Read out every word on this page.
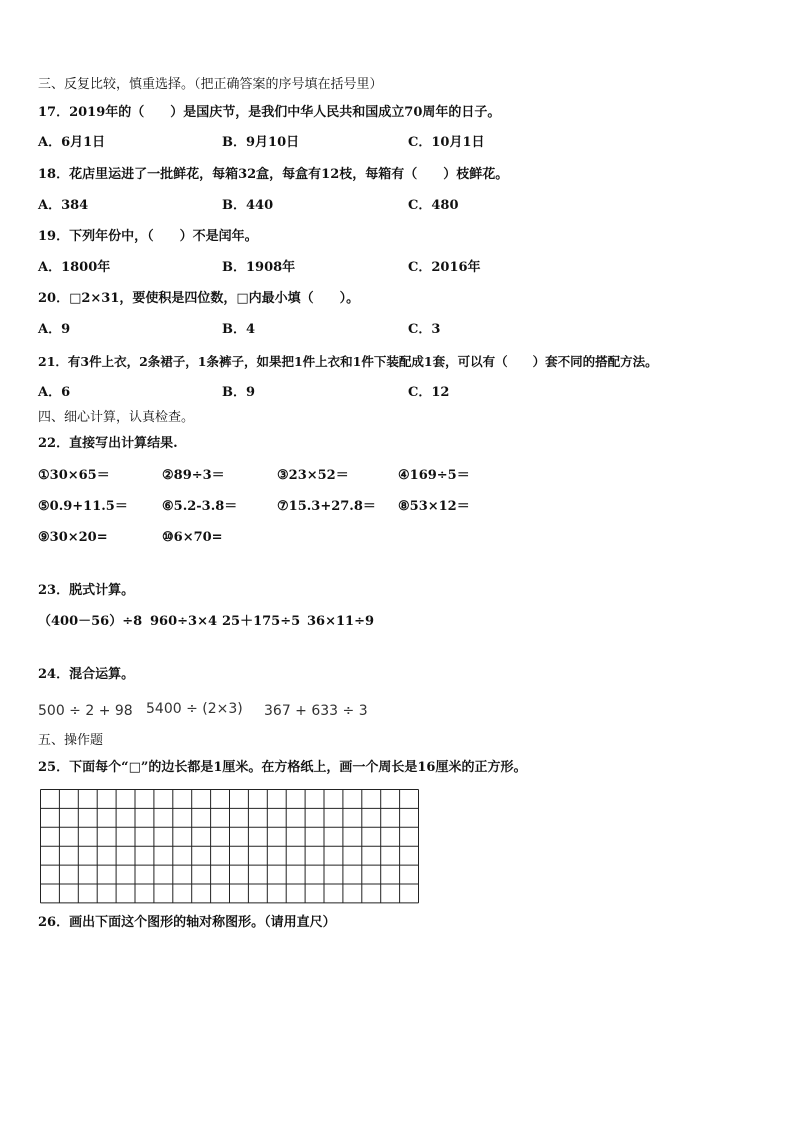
三、反复比较，慎重选择。（把正确答案的序号填在括号里）
17．2019年的（　　）是国庆节，是我们中华人民共和国成立70周年的日子。
A．6月1日	B．9月10日	C．10月1日
18．花店里运进了一批鲜花，每箱32盒，每盒有12枝，每箱有（　　）枝鲜花。
A．384	B．440	C．480
19．下列年份中，（　　）不是闰年。
A．1800年	B．1908年	C．2016年
20．□2×31，要使积是四位数，□内最小填（　　）。
A．9	B．4	C．3
21．有3件上衣，2条裙子，1条裤子，如果把1件上衣和1件下装配成1套，可以有（　　）套不同的搭配方法。
A．6	B．9	C．12
四、细心计算，认真检查。
22．直接写出计算结果.
①30×65＝	②89÷3＝	③23×52＝	④169÷5＝
⑤0.9+11.5＝	⑥5.2-3.8＝	⑦15.3+27.8＝ ⑧53×12＝
⑨30×20=	⑩6×70=
23．脱式计算。
（400－56）÷8 960÷3×4 25＋175÷5 36×11÷9
24．混合运算。
500 ÷ 2 + 98 5400 ÷ (2×3) 367 + 633 ÷ 3
五、操作题
25．下面每个“□”的边长都是1厘米。在方格纸上，画一个周长是16厘米的正方形。
26．画出下面这个图形的轴对称图形。（请用直尺）
